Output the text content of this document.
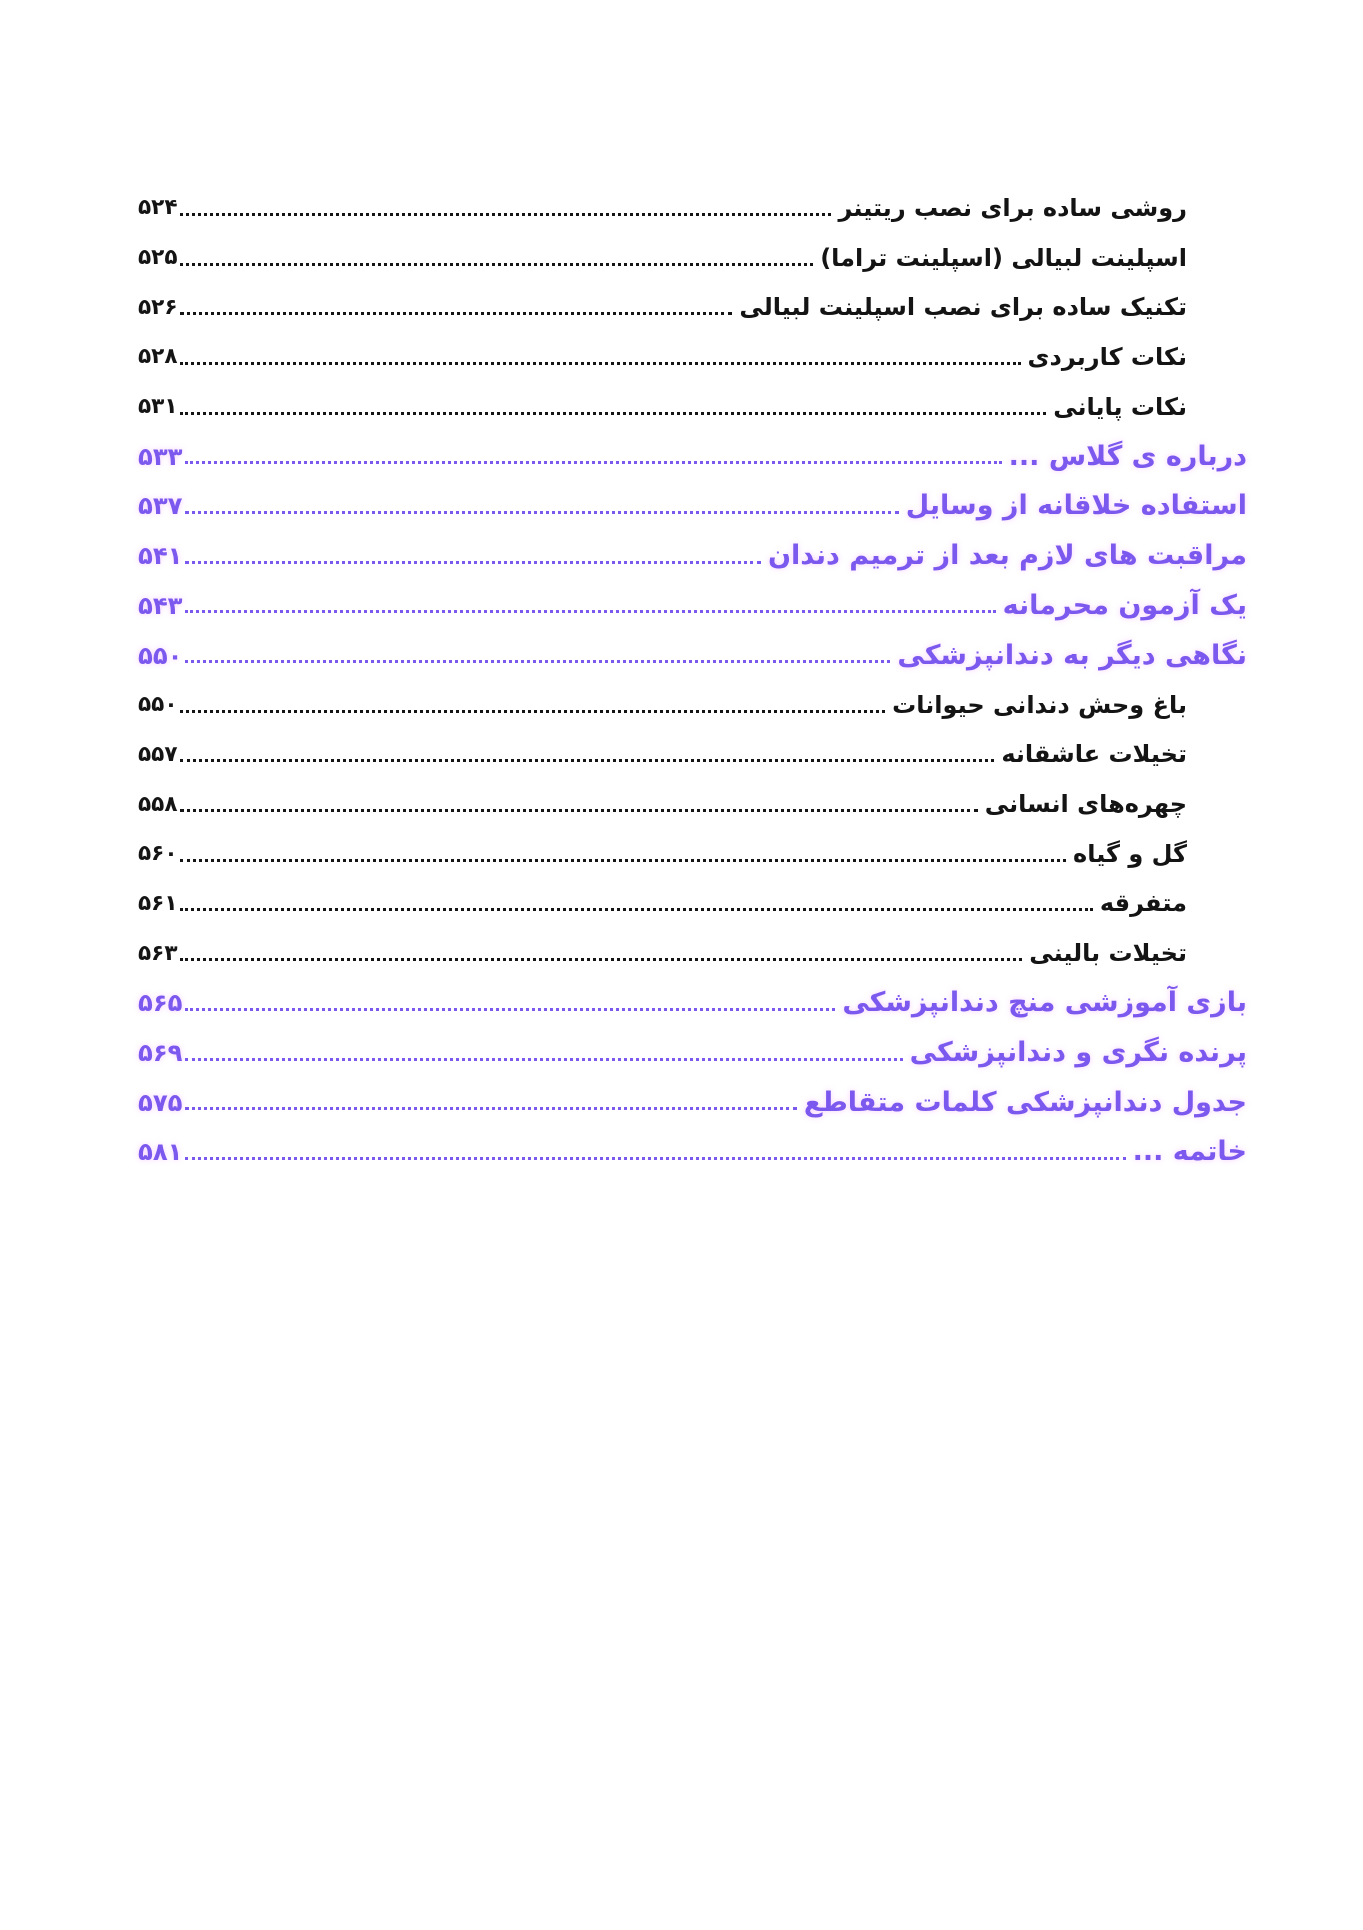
روشی ساده برای نصب ریتینر
۵۲۴
اسپلینت لبیالی (اسپلینت تراما)
۵۲۵
تکنیک ساده برای نصب اسپلینت لبیالی
۵۲۶
نکات کاربردی
۵۲۸
نکات پایانی
۵۳۱
درباره ی گلاس ...
۵۳۳
استفاده خلاقانه از وسایل
۵۳۷
مراقبت های لازم بعد از ترمیم دندان
۵۴۱
یک آزمون محرمانه
۵۴۳
نگاهی دیگر به دندانپزشکی
۵۵۰
باغ وحش دندانی حیوانات
۵۵۰
تخیلات عاشقانه
۵۵۷
چهره‌های انسانی
۵۵۸
گل و گیاه
۵۶۰
متفرقه
۵۶۱
تخیلات بالینی
۵۶۳
بازی آموزشی منچ دندانپزشکی
۵۶۵
پرنده نگری و دندانپزشکی
۵۶۹
جدول دندانپزشکی کلمات متقاطع
۵۷۵
خاتمه ...
۵۸۱
